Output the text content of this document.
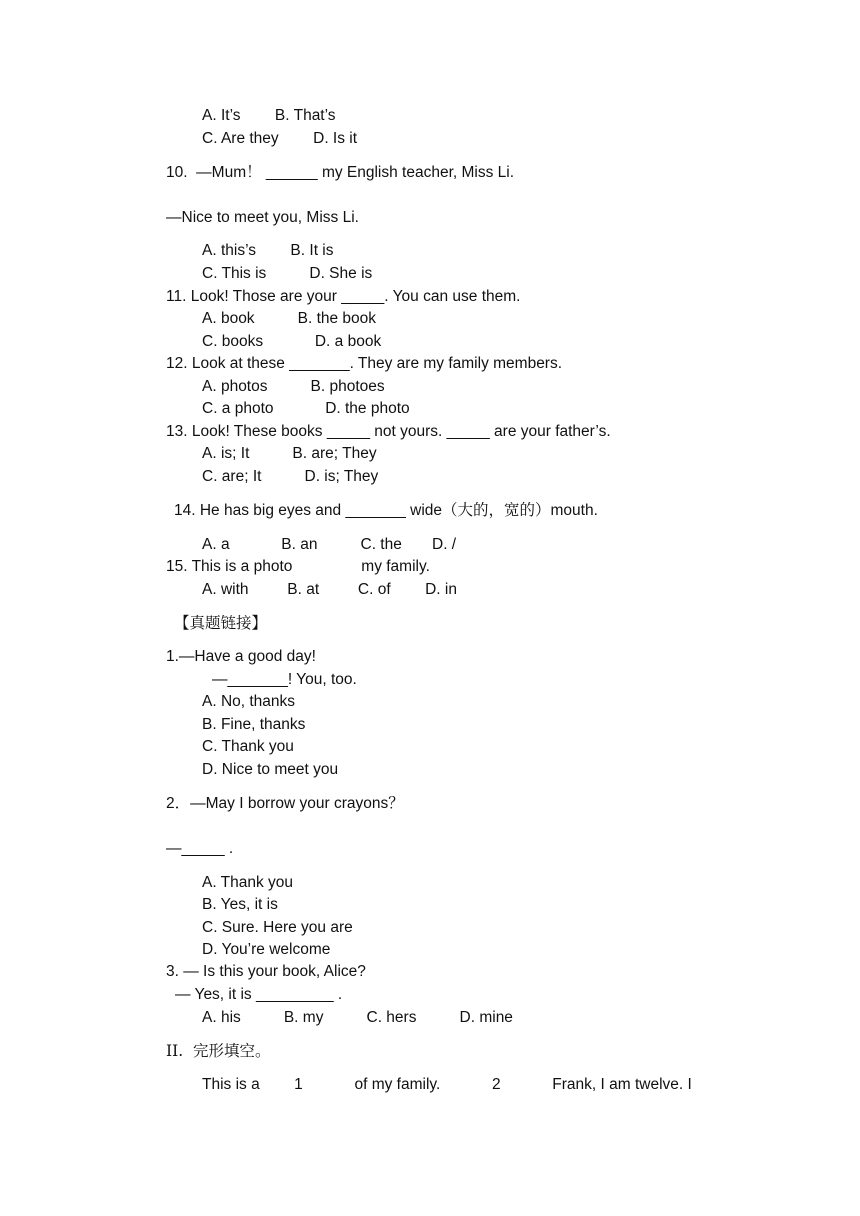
A. It’s        B. That’s
C. Are they        D. Is it
10.  —Mum！ ______ my English teacher, Miss Li.
—Nice to meet you, Miss Li.
A. this’s        B. It is
C. This is          D. She is
11. Look! Those are your _____. You can use them.
A. book          B. the book
C. books            D. a book
12. Look at these _______. They are my family members.
A. photos          B. photoes
C. a photo            D. the photo
13. Look! These books _____ not yours. _____ are your father’s.
A. is; It          B. are; They
C. are; It          D. is; They
14. He has big eyes and _______ wide（大的，宽的）mouth.
A. a            B. an          C. the       D. /
15. This is a photo                my family.
A. with         B. at         C. of        D. in
【真题链接】
1.—Have a good day!
—_______! You, too.
A. No, thanks
B. Fine, thanks
C. Thank you
D. Nice to meet you
2．—May I borrow your crayons？
—_____ .
A. Thank you
B. Yes, it is
C. Sure. Here you are
D. You’re welcome
3. — Is this your book, Alice?
— Yes, it is _________ .
A. his          B. my          C. hers          D. mine
II.  完形填空。
This is a        1            of my family.            2            Frank, I am twelve. I
